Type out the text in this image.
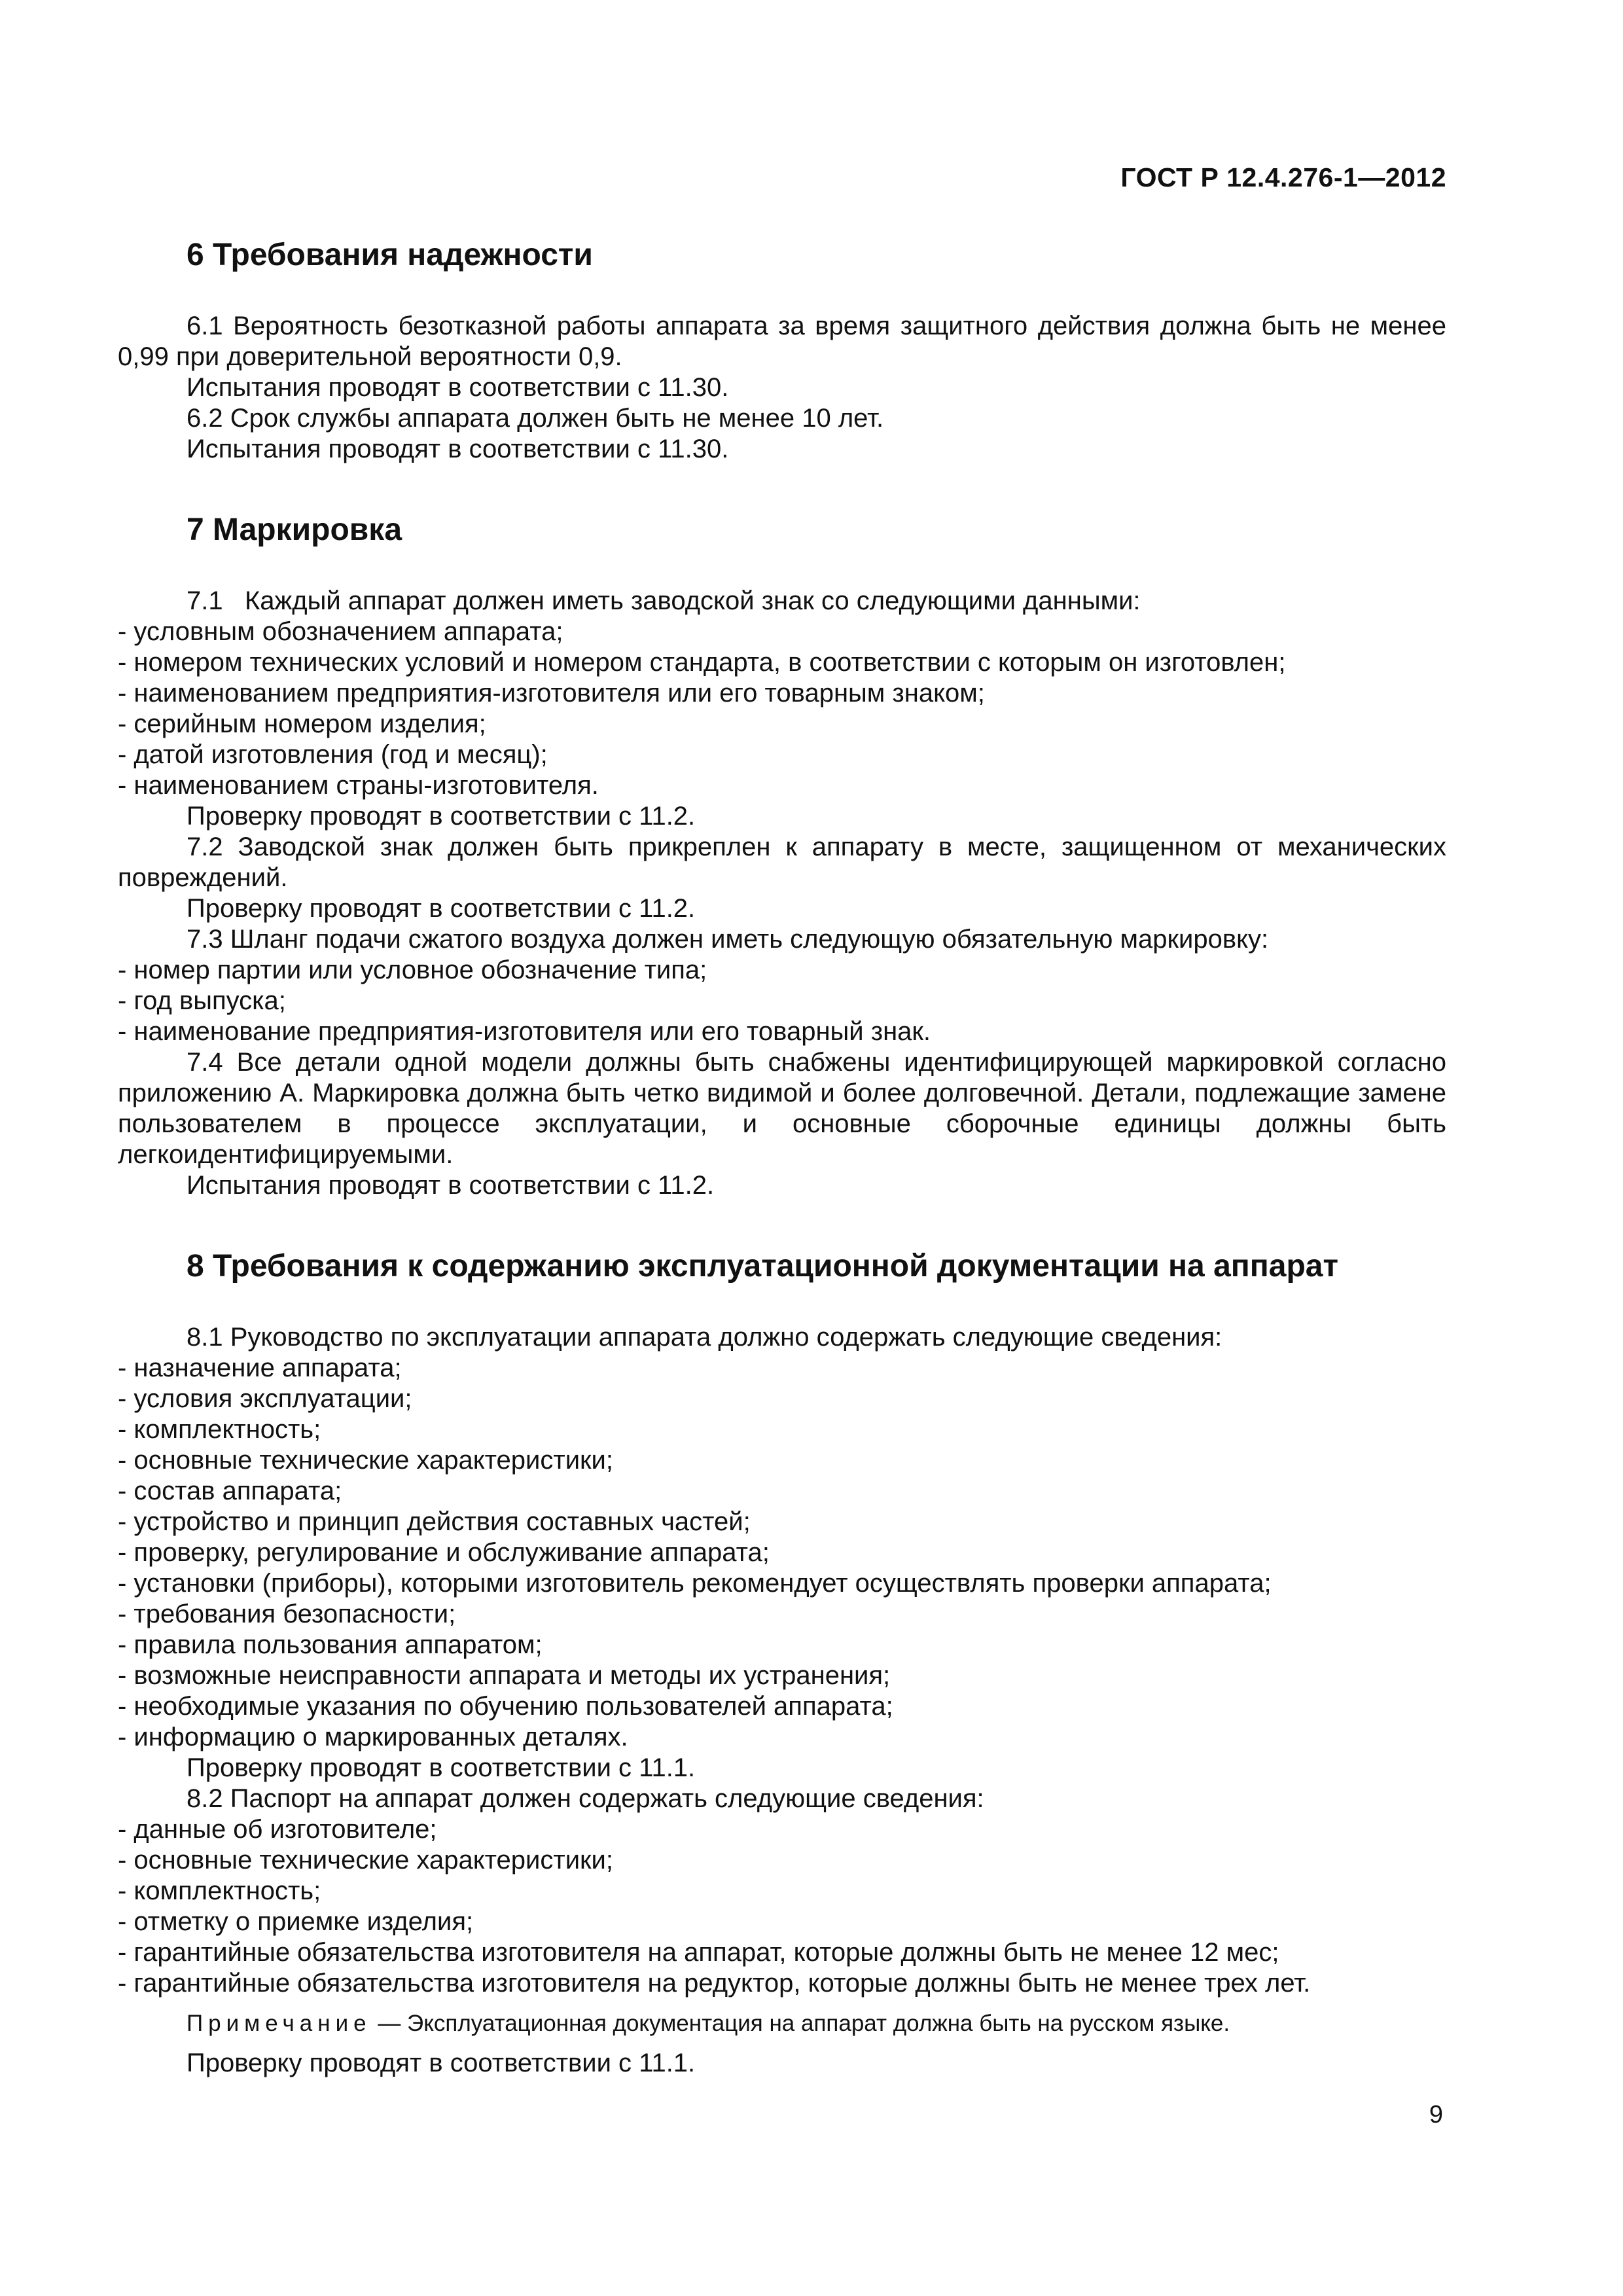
ГОСТ Р 12.4.276-1—2012
6 Требования надежности

6.1 Вероятность безотказной работы аппарата за время защитного действия должна быть не менее 0,99 при доверительной вероятности 0,9.

Испытания проводят в соответствии с 11.30.

6.2 Срок службы аппарата должен быть не менее 10 лет.

Испытания проводят в соответствии с 11.30.

7 Маркировка

7.1   Каждый аппарат должен иметь заводской знак со следующими данными:

- условным обозначением аппарата;

- номером технических условий и номером стандарта, в соответствии с которым он изготовлен;

- наименованием предприятия-изготовителя или его товарным знаком;

- серийным номером изделия;

- датой изготовления (год и месяц);

- наименованием страны-изготовителя.

Проверку проводят в соответствии с 11.2.

7.2 Заводской знак должен быть прикреплен к аппарату в месте, защищенном от механических повреждений.

Проверку проводят в соответствии с 11.2.

7.3 Шланг подачи сжатого воздуха должен иметь следующую обязательную маркировку:

- номер партии или условное обозначение типа;

- год выпуска;

- наименование предприятия-изготовителя или его товарный знак.

7.4 Все детали одной модели должны быть снабжены идентифицирующей маркировкой согласно приложению А. Маркировка должна быть четко видимой и более долговечной. Детали, подлежащие замене пользователем в процессе эксплуатации, и основные сборочные единицы должны быть легкоидентифицируемыми.

Испытания проводят в соответствии с 11.2.

8 Требования к содержанию эксплуатационной документации на аппарат

8.1 Руководство по эксплуатации аппарата должно содержать следующие сведения:

- назначение аппарата;

- условия эксплуатации;

- комплектность;

- основные технические характеристики;

- состав аппарата;

- устройство и принцип действия составных частей;

- проверку, регулирование и обслуживание аппарата;

- установки (приборы), которыми изготовитель рекомендует осуществлять проверки аппарата;

- требования безопасности;

- правила пользования аппаратом;

- возможные неисправности аппарата и методы их устранения;

- необходимые указания по обучению пользователей аппарата;

- информацию о маркированных деталях.

Проверку проводят в соответствии с 11.1.

8.2 Паспорт на аппарат должен содержать следующие сведения:

- данные об изготовителе;

- основные технические характеристики;

- комплектность;

- отметку о приемке изделия;

- гарантийные обязательства изготовителя на аппарат, которые должны быть не менее 12 мес;

- гарантийные обязательства изготовителя на редуктор, которые должны быть не менее трех лет.

Примечание — Эксплуатационная документация на аппарат должна быть на русском языке.

Проверку проводят в соответствии с 11.1.

9
